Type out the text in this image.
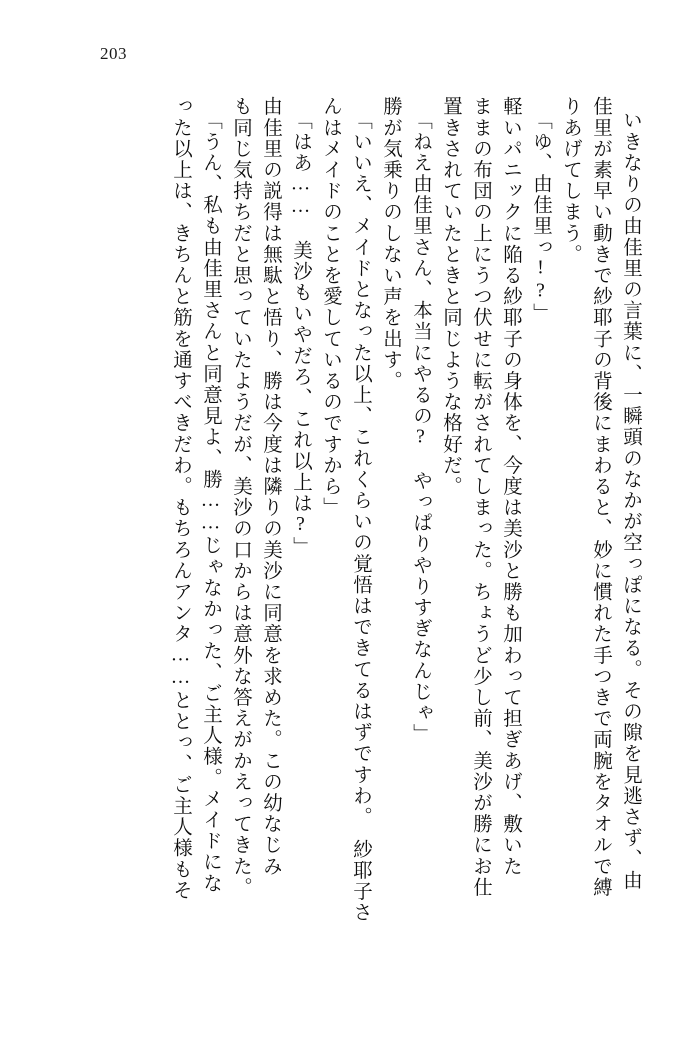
203
いきなりの由佳里の言葉に、一瞬頭のなかが空っぽになる。その隙を見逃さず、由
佳里が素早い動きで紗耶子の背後にまわると、妙に慣れた手つきで両腕をタオルで縛
りあげてしまう。
「ゆ、由佳里っ!?」
軽いパニックに陥る紗耶子の身体を、今度は美沙と勝も加わって担ぎあげ、敷いた
ままの布団の上にうつ伏せに転がされてしまった。ちょうど少し前、美沙が勝にお仕
置きされていたときと同じような格好だ。
「ねえ由佳里さん、本当にやるの?　やっぱりやりすぎなんじゃ」
勝が気乗りのしない声を出す。
「いいえ、メイドとなった以上、これくらいの覚悟はできてるはずですわ。　紗耶子さ
んはメイドのことを愛しているのですから」
「はあ……　美沙もいやだろ、これ以上は?」
由佳里の説得は無駄と悟り、勝は今度は隣りの美沙に同意を求めた。この幼なじみ
も同じ気持ちだと思っていたようだが、美沙の口からは意外な答えがかえってきた。
「うん、私も由佳里さんと同意見よ、勝……じゃなかった、ご主人様。メイドにな
った以上は、きちんと筋を通すべきだわ。もちろんアンタ……ととっ、ご主人様もそ
